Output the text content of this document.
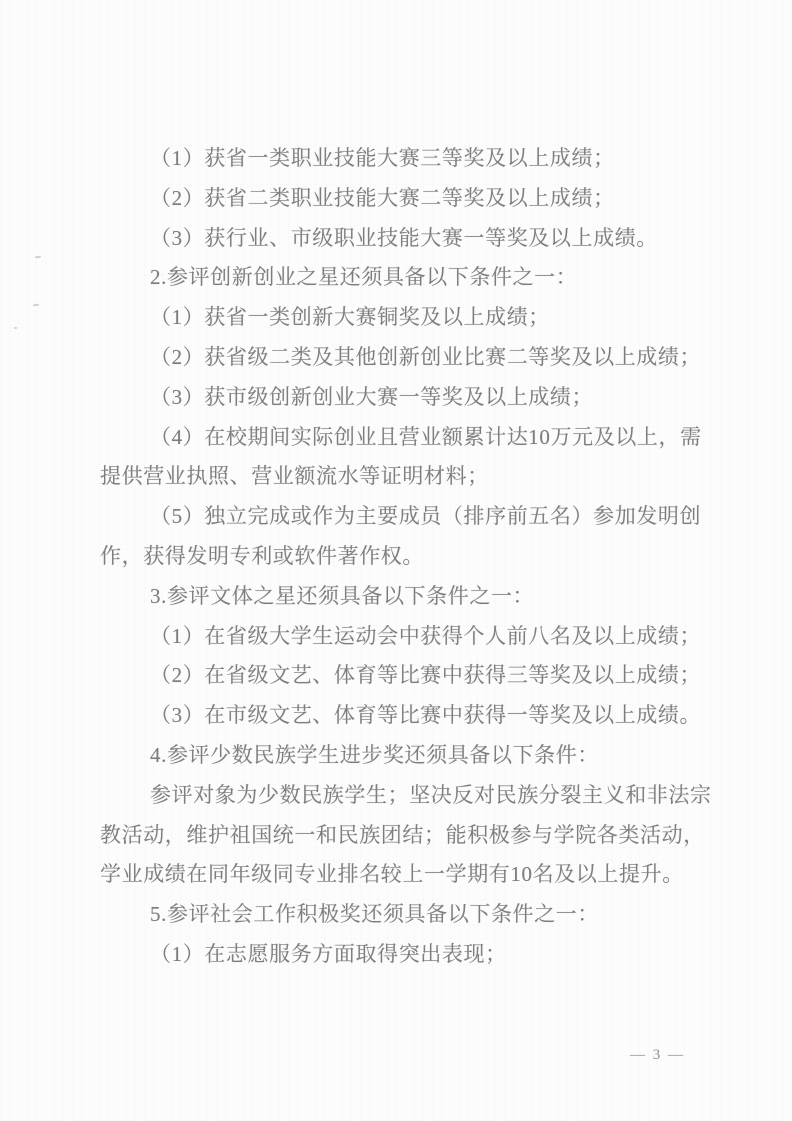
（1）获省一类职业技能大赛三等奖及以上成绩；
（2）获省二类职业技能大赛二等奖及以上成绩；
（3）获行业、市级职业技能大赛一等奖及以上成绩。
2.参评创新创业之星还须具备以下条件之一：
（1）获省一类创新大赛铜奖及以上成绩；
（2）获省级二类及其他创新创业比赛二等奖及以上成绩；
（3）获市级创新创业大赛一等奖及以上成绩；
（4）在校期间实际创业且营业额累计达10万元及以上，需
提供营业执照、营业额流水等证明材料；
（5）独立完成或作为主要成员（排序前五名）参加发明创
作，获得发明专利或软件著作权。
3.参评文体之星还须具备以下条件之一：
（1）在省级大学生运动会中获得个人前八名及以上成绩；
（2）在省级文艺、体育等比赛中获得三等奖及以上成绩；
（3）在市级文艺、体育等比赛中获得一等奖及以上成绩。
4.参评少数民族学生进步奖还须具备以下条件：
参评对象为少数民族学生；坚决反对民族分裂主义和非法宗
教活动，维护祖国统一和民族团结；能积极参与学院各类活动，
学业成绩在同年级同专业排名较上一学期有10名及以上提升。
5.参评社会工作积极奖还须具备以下条件之一：
（1）在志愿服务方面取得突出表现；
— 3 —
